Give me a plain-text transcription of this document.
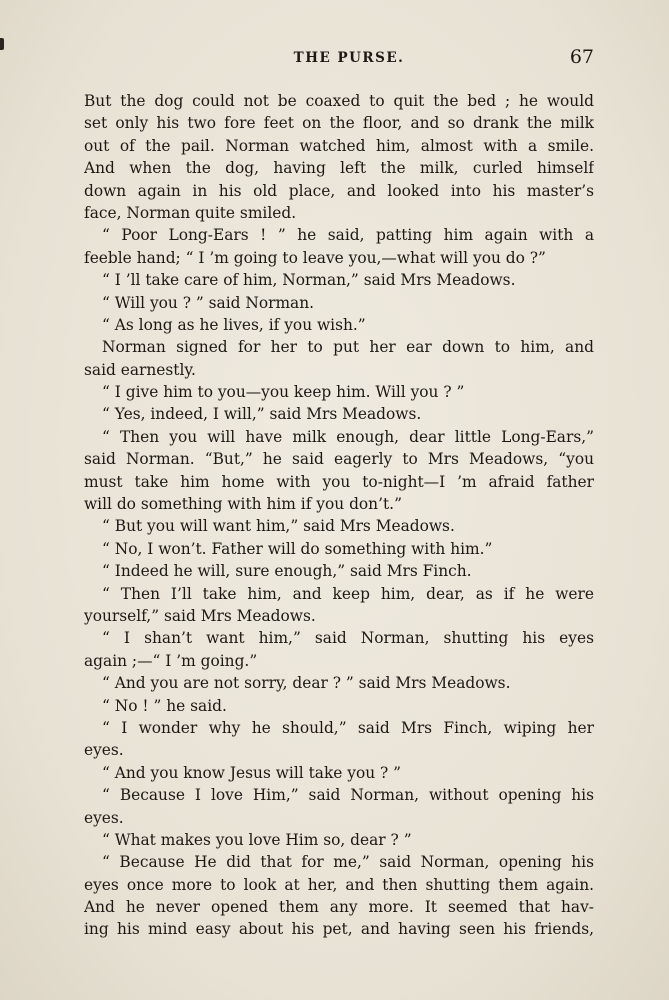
THE PURSE.	67
But the dog could not be coaxed to quit the bed ; he would
set only his two fore feet on the floor, and so drank the milk
out of the pail. Norman watched him, almost with a smile.
And when the dog, having left the milk, curled himself
down again in his old place, and looked into his master’s
face, Norman quite smiled.
“ Poor Long-Ears ! ” he said, patting him again with a
feeble hand; “ I ’m going to leave you,—what will you do ?”
“ I ’ll take care of him, Norman,” said Mrs Meadows.
“ Will you ? ” said Norman.
“ As long as he lives, if you wish.”
Norman signed for her to put her ear down to him, and
said earnestly.
“ I give him to you—you keep him. Will you ? ”
“ Yes, indeed, I will,” said Mrs Meadows.
“ Then you will have milk enough, dear little Long-Ears,”
said Norman. “But,” he said eagerly to Mrs Meadows, “you
must take him home with you to-night—I ’m afraid father
will do something with him if you don’t.”
“ But you will want him,” said Mrs Meadows.
“ No, I won’t. Father will do something with him.”
“ Indeed he will, sure enough,” said Mrs Finch.
“ Then I’ll take him, and keep him, dear, as if he were
yourself,” said Mrs Meadows.
“ I shan’t want him,” said Norman, shutting his eyes
again ;—“ I ’m going.”
“ And you are not sorry, dear ? ” said Mrs Meadows.
“ No ! ” he said.
“ I wonder why he should,” said Mrs Finch, wiping her
eyes.
“ And you know Jesus will take you ? ”
“ Because I love Him,” said Norman, without opening his
eyes.
“ What makes you love Him so, dear ? ”
“ Because He did that for me,” said Norman, opening his
eyes once more to look at her, and then shutting them again.
And he never opened them any more. It seemed that hav-
ing his mind easy about his pet, and having seen his friends,
